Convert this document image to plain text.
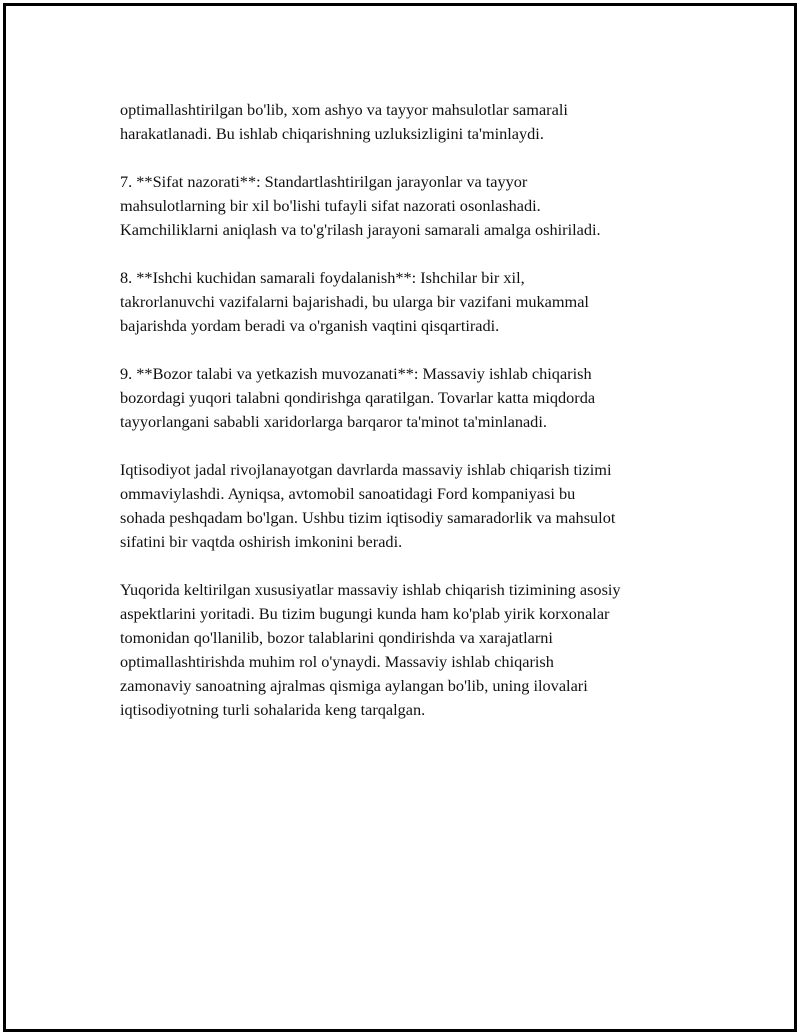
optimallashtirilgan bo'lib, xom ashyo va tayyor mahsulotlar samarali
harakatlanadi. Bu ishlab chiqarishning uzluksizligini ta'minlaydi.

7. **Sifat nazorati**: Standartlashtirilgan jarayonlar va tayyor
mahsulotlarning bir xil bo'lishi tufayli sifat nazorati osonlashadi.
Kamchiliklarni aniqlash va to'g'rilash jarayoni samarali amalga oshiriladi.

8. **Ishchi kuchidan samarali foydalanish**: Ishchilar bir xil,
takrorlanuvchi vazifalarni bajarishadi, bu ularga bir vazifani mukammal
bajarishda yordam beradi va o'rganish vaqtini qisqartiradi.

9. **Bozor talabi va yetkazish muvozanati**: Massaviy ishlab chiqarish
bozordagi yuqori talabni qondirishga qaratilgan. Tovarlar katta miqdorda
tayyorlangani sababli xaridorlarga barqaror ta'minot ta'minlanadi.

Iqtisodiyot jadal rivojlanayotgan davrlarda massaviy ishlab chiqarish tizimi
ommaviylashdi. Ayniqsa, avtomobil sanoatidagi Ford kompaniyasi bu
sohada peshqadam bo'lgan. Ushbu tizim iqtisodiy samaradorlik va mahsulot
sifatini bir vaqtda oshirish imkonini beradi.

Yuqorida keltirilgan xususiyatlar massaviy ishlab chiqarish tizimining asosiy
aspektlarini yoritadi. Bu tizim bugungi kunda ham ko'plab yirik korxonalar
tomonidan qo'llanilib, bozor talablarini qondirishda va xarajatlarni
optimallashtirishda muhim rol o'ynaydi. Massaviy ishlab chiqarish
zamonaviy sanoatning ajralmas qismiga aylangan bo'lib, uning ilovalari
iqtisodiyotning turli sohalarida keng tarqalgan.
